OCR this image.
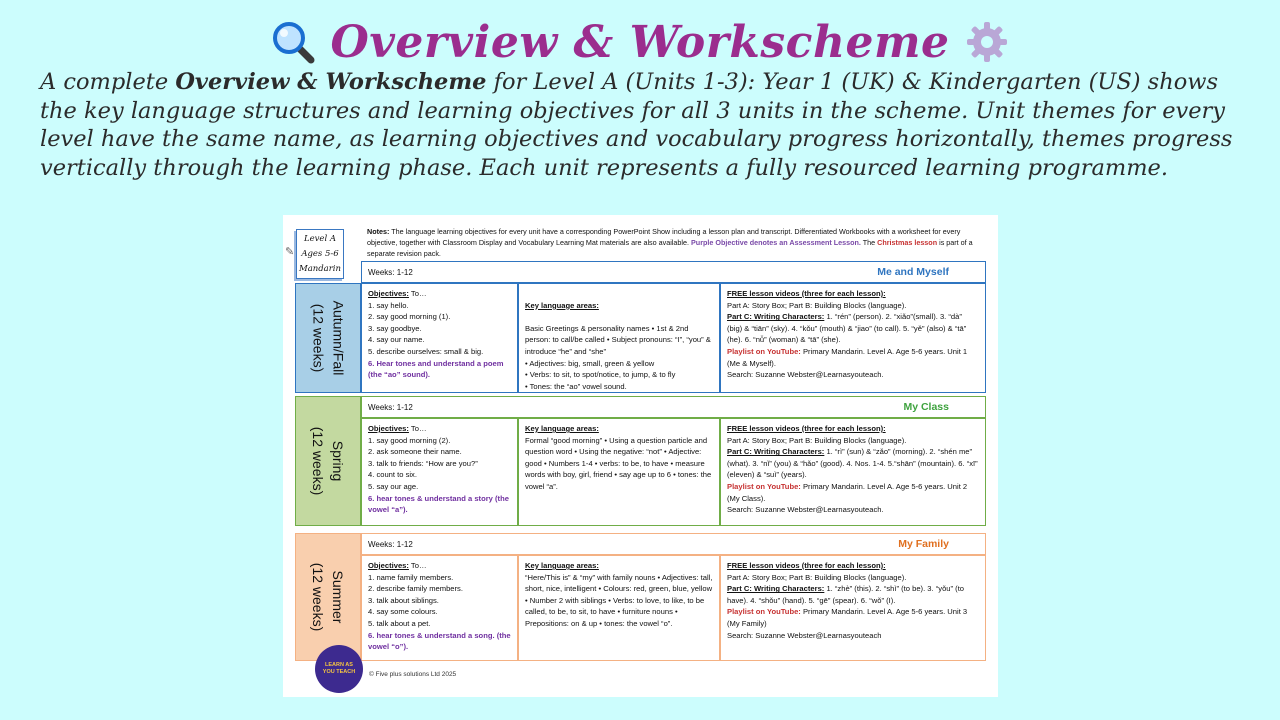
Overview & Workscheme
A complete Overview & Workscheme for Level A (Units 1-3): Year 1 (UK) & Kindergarten (US) shows the key language structures and learning objectives for all 3 units in the scheme. Unit themes for every level have the same name, as learning objectives and vocabulary progress horizontally, themes progress vertically through the learning phase. Each unit represents a fully resourced learning programme.
Level A
Ages 5-6
Mandarin
✎
Notes: The language learning objectives for every unit have a corresponding PowerPoint Show including a lesson plan and transcript. Differentiated Workbooks with a worksheet for every objective, together with Classroom Display and Vocabulary Learning Mat materials are also available. Purple Objective denotes an Assessment Lesson. The Christmas lesson is part of a separate revision pack.
Autumn/Fall
(12 weeks)
Weeks: 1-12	Me and Myself
Objectives: To…
1. say hello.
2. say good morning (1).
3. say goodbye.
4. say our name.
5. describe ourselves: small & big.
6. Hear tones and understand a poem (the “ao” sound).

Key language areas:

Basic Greetings & personality names • 1st & 2nd person: to call/be called • Subject pronouns: “I”, “you” & introduce “he” and “she”
• Adjectives: big, small, green & yellow
• Verbs: to sit, to spot/notice, to jump, & to fly
• Tones: the “ao” vowel sound.

FREE lesson videos (three for each lesson):
Part A: Story Box; Part B: Building Blocks (language).
Part C: Writing Characters: 1. “rén” (person). 2. “xiǎo”(small). 3. “dà” (big) & “tiān” (sky). 4. “kǒu” (mouth) & “jiao” (to call). 5. “yě” (also) & “tā” (he). 6. “nǚ” (woman) & “tā” (she).
Playlist on YouTube: Primary Mandarin. Level A. Age 5-6 years. Unit 1 (Me & Myself).
Search: Suzanne Webster@Learnasyouteach.
Spring
(12 weeks)
Weeks: 1-12	My Class
Objectives: To…
1. say good morning (2).
2. ask someone their name.
3. talk to friends: “How are you?”
4. count to six.
5. say our age.
6. hear tones & understand a story (the vowel “a”).
Key language areas:
Formal “good morning” • Using a question particle and question word • Using the negative: “not” • Adjective: good • Numbers 1-4 • verbs: to be, to have • measure words with boy, girl, friend • say age up to 6 • tones: the vowel “a”.
FREE lesson videos (three for each lesson):
Part A: Story Box; Part B: Building Blocks (language).
Part C: Writing Characters: 1. “rì” (sun) & “zǎo” (morning). 2. “shén me” (what). 3. “nǐ” (you) & “hǎo” (good). 4. Nos. 1-4. 5.“shān” (mountain). 6. “xī” (eleven) & “suì” (years).
Playlist on YouTube: Primary Mandarin. Level A. Age 5-6 years. Unit 2 (My Class).
Search: Suzanne Webster@Learnasyouteach.
Summer
(12 weeks)
Weeks: 1-12	My Family
Objectives: To…
1. name family members.
2. describe family members.
3. talk about siblings.
4. say some colours.
5. talk about a pet.
6. hear tones & understand a song. (the vowel “o”).
Key language areas:
“Here/This is” & “my” with family nouns • Adjectives: tall, short, nice, intelligent • Colours: red, green, blue, yellow • Number 2 with siblings • Verbs: to love, to like, to be called, to be, to sit, to have • furniture nouns • Prepositions: on & up • tones: the vowel “o”.
FREE lesson videos (three for each lesson):
Part A: Story Box; Part B: Building Blocks (language).
Part C: Writing Characters: 1. “zhè” (this). 2. “shì” (to be). 3. “yǒu” (to have). 4. “shǒu” (hand). 5. “gē” (spear). 6. “wǒ” (I).
Playlist on YouTube: Primary Mandarin. Level A. Age 5-6 years. Unit 3 (My Family)
Search: Suzanne Webster@Learnasyouteach
LEARN AS
YOU TEACH © Five plus solutions Ltd 2025
